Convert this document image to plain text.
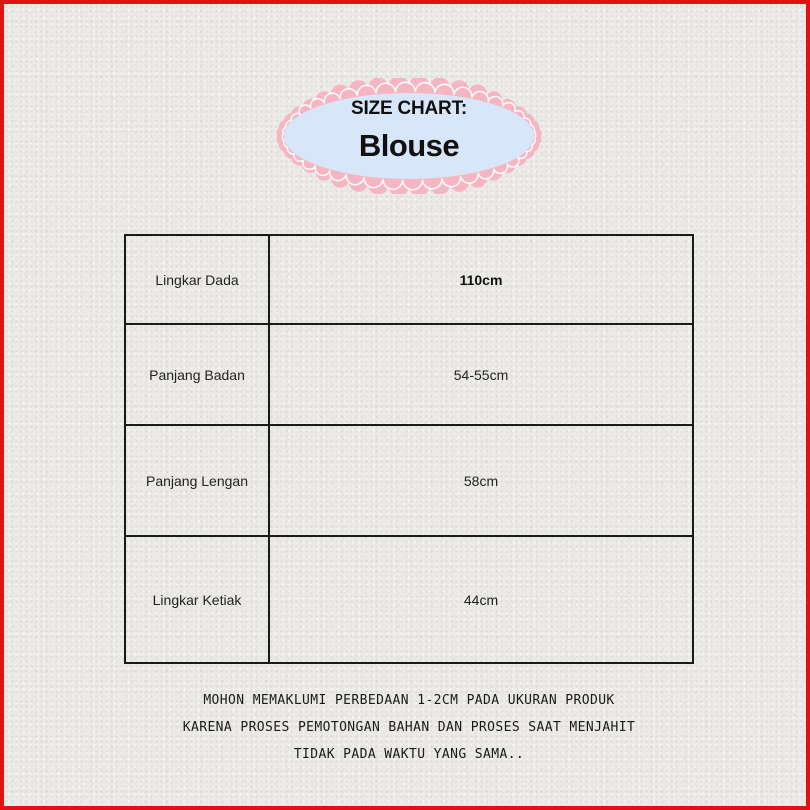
SIZE CHART:
Blouse
Lingkar Dada	110cm
Panjang Badan	54-55cm
Panjang Lengan	58cm
Lingkar Ketiak	44cm
MOHON MEMAKLUMI PERBEDAAN 1-2CM PADA UKURAN PRODUK
KARENA PROSES PEMOTONGAN BAHAN DAN PROSES SAAT MENJAHIT
TIDAK PADA WAKTU YANG SAMA..
